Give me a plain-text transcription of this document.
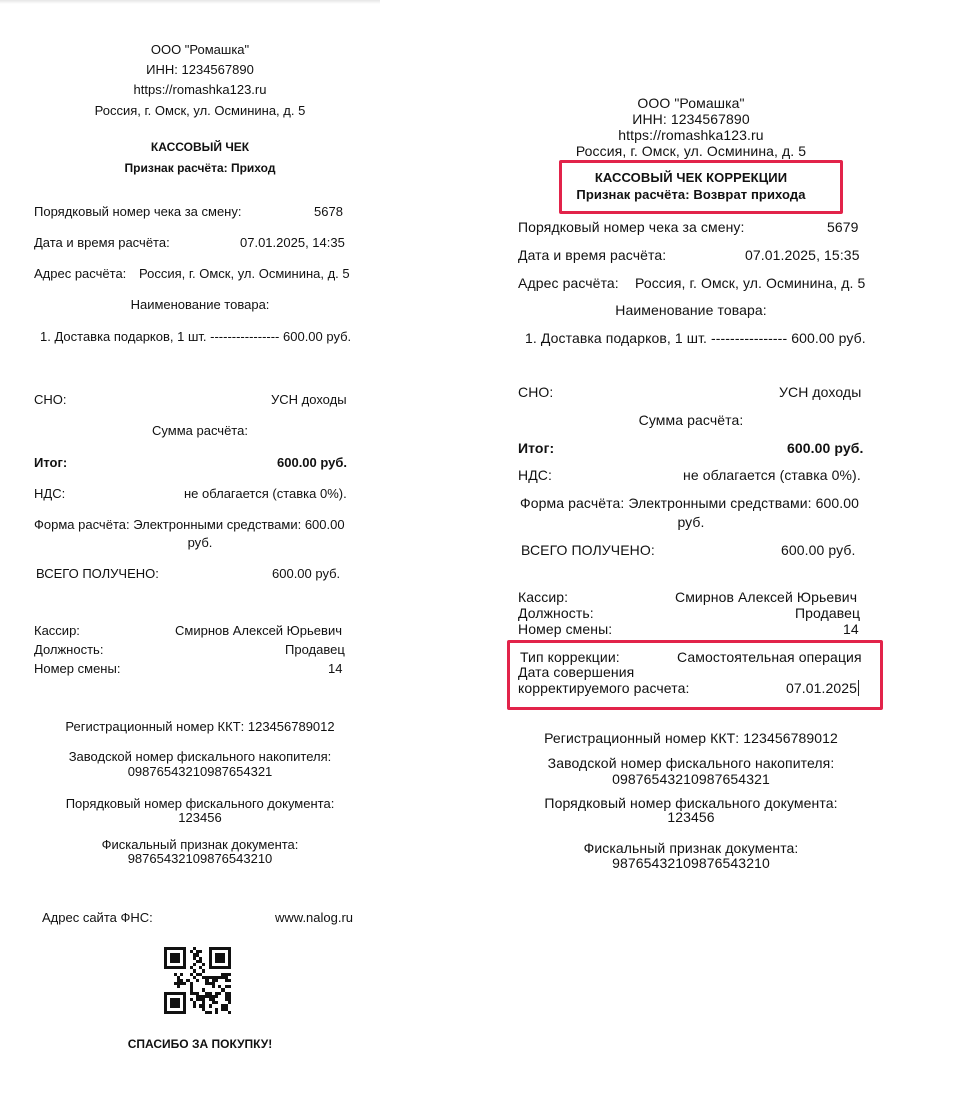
ООО "Ромашка"
ИНН: 1234567890
https://romashka123.ru
Россия, г. Омск, ул. Осминина, д. 5
КАССОВЫЙ ЧЕК
Признак расчёта: Приход
Порядковый номер чека за смену:	5678
Дата и время расчёта:	07.01.2025, 14:35
Адрес расчёта: Россия, г. Омск, ул. Осминина, д. 5
Наименование товара:
1. Доставка подарков, 1 шт. ---------------- 600.00 руб.
СНО:	УСН доходы
Сумма расчёта:
Итог:	600.00 руб.
НДС:	не облагается (ставка 0%).
Форма расчёта: Электронными средствами: 600.00
руб.
ВСЕГО ПОЛУЧЕНО:	600.00 руб.
Кассир:	Смирнов Алексей Юрьевич
Должность:	Продавец
Номер смены:	14
Регистрационный номер ККТ: 123456789012
Заводской номер фискального накопителя:
0987654321098765432​1
Порядковый номер фискального документа:
123456
Фискальный признак документа:
98765432109876543210
Адрес сайта ФНС:	www.nalog.ru
СПАСИБО ЗА ПОКУПКУ!
ООО "Ромашка"
ИНН: 1234567890
https://romashka123.ru
Россия, г. Омск, ул. Осминина, д. 5
КАССОВЫЙ ЧЕК КОРРЕКЦИИ
Признак расчёта: Возврат прихода
Порядковый номер чека за смену:	5679
Дата и время расчёта:	07.01.2025, 15:35
Адрес расчёта: Россия, г. Омск, ул. Осминина, д. 5
Наименование товара:
1. Доставка подарков, 1 шт. ---------------- 600.00 руб.
СНО:	УСН доходы
Сумма расчёта:
Итог:	600.00 руб.
НДС:	не облагается (ставка 0%).
Форма расчёта: Электронными средствами: 600.00
руб.
ВСЕГО ПОЛУЧЕНО:	600.00 руб.
Кассир:	Смирнов Алексей Юрьевич
Должность:	Продавец
Номер смены:	14
Тип коррекции:	Самостоятельная операция
Дата совершения
корректируемого расчета:	07.01.2025
Регистрационный номер ККТ: 123456789012
Заводской номер фискального накопителя:
0987654321098765432​1
Порядковый номер фискального документа:
123456
Фискальный признак документа:
98765432109876543210
